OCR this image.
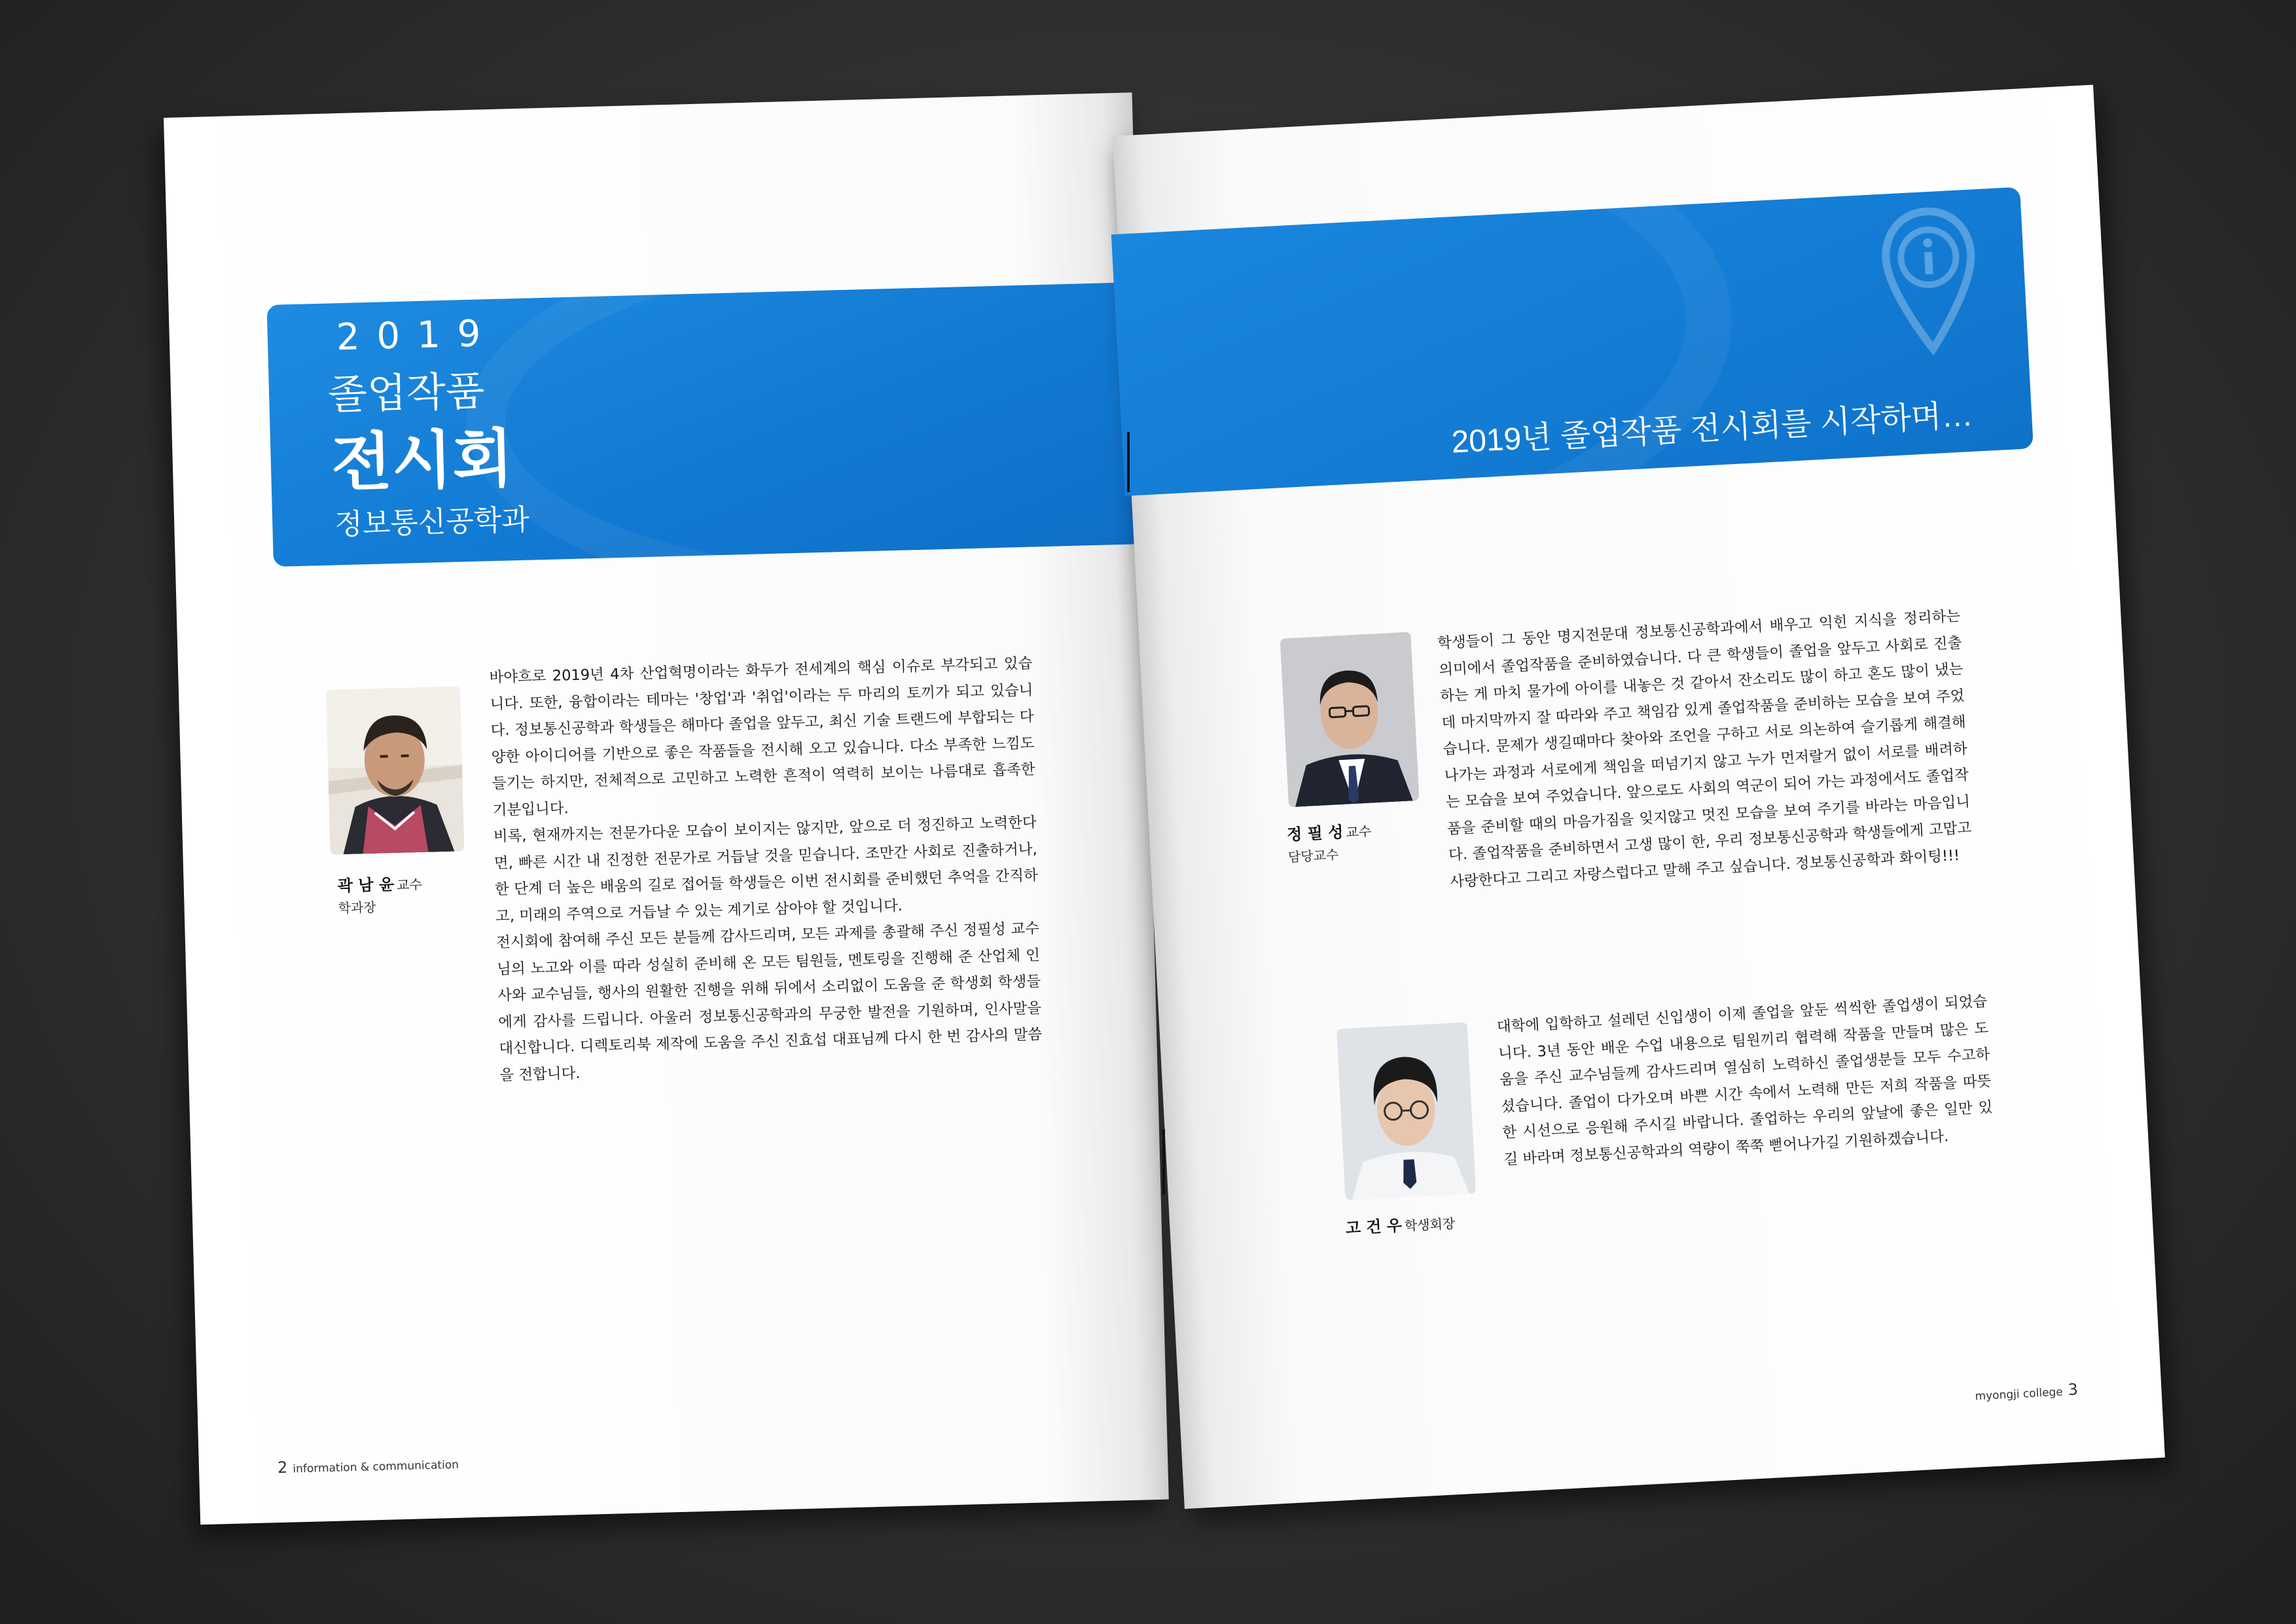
2019
졸업작품
전시회
정보통신공학과
곽 남 윤 교수
학과장

바야흐로 2019년 4차 산업혁명이라는 화두가 전세계의 핵심 이슈로 부각되고 있습니다. 또한, 융합이라는 테마는 '창업'과 '취업'이라는 두 마리의 토끼가 되고 있습니다. 정보통신공학과 학생들은 해마다 졸업을 앞두고, 최신 기술 트랜드에 부합되는 다양한 아이디어를 기반으로 좋은 작품들을 전시해 오고 있습니다. 다소 부족한 느낌도 들기는 하지만, 전체적으로 고민하고 노력한 흔적이 역력히 보이는 나름대로 흡족한 기분입니다.

비록, 현재까지는 전문가다운 모습이 보이지는 않지만, 앞으로 더 정진하고 노력한다면, 빠른 시간 내 진정한 전문가로 거듭날 것을 믿습니다. 조만간 사회로 진출하거나, 한 단계 더 높은 배움의 길로 접어들 학생들은 이번 전시회를 준비했던 추억을 간직하고, 미래의 주역으로 거듭날 수 있는 계기로 삼아야 할 것입니다.

전시회에 참여해 주신 모든 분들께 감사드리며, 모든 과제를 총괄해 주신 정필성 교수님의 노고와 이를 따라 성실히 준비해 온 모든 팀원들, 멘토링을 진행해 준 산업체 인사와 교수님들, 행사의 원활한 진행을 위해 뒤에서 소리없이 도움을 준 학생회 학생들에게 감사를 드립니다. 아울러 정보통신공학과의 무궁한 발전을 기원하며, 인사말을 대신합니다. 디렉토리북 제작에 도움을 주신 진효섭 대표님께 다시 한 번 감사의 말씀을 전합니다.

2 information & communication
2019년 졸업작품 전시회를 시작하며…
정 필 성 교수
담당교수

학생들이 그 동안 명지전문대 정보통신공학과에서 배우고 익힌 지식을 정리하는 의미에서 졸업작품을 준비하였습니다. 다 큰 학생들이 졸업을 앞두고 사회로 진출하는 게 마치 물가에 아이를 내놓은 것 같아서 잔소리도 많이 하고 혼도 많이 냈는데 마지막까지 잘 따라와 주고 책임감 있게 졸업작품을 준비하는 모습을 보여 주었습니다. 문제가 생길때마다 찾아와 조언을 구하고 서로 의논하여 슬기롭게 해결해 나가는 과정과 서로에게 책임을 떠넘기지 않고 누가 먼저랄거 없이 서로를 배려하는 모습을 보여 주었습니다. 앞으로도 사회의 역군이 되어 가는 과정에서도 졸업작품을 준비할 때의 마음가짐을 잊지않고 멋진 모습을 보여 주기를 바라는 마음입니다. 졸업작품을 준비하면서 고생 많이 한, 우리 정보통신공학과 학생들에게 고맙고 사랑한다고 그리고 자랑스럽다고 말해 주고 싶습니다. 정보통신공학과 화이팅!!!

고 건 우 학생회장

대학에 입학하고 설레던 신입생이 이제 졸업을 앞둔 씩씩한 졸업생이 되었습니다. 3년 동안 배운 수업 내용으로 팀원끼리 협력해 작품을 만들며 많은 도움을 주신 교수님들께 감사드리며 열심히 노력하신 졸업생분들 모두 수고하셨습니다. 졸업이 다가오며 바쁜 시간 속에서 노력해 만든 저희 작품을 따뜻한 시선으로 응원해 주시길 바랍니다. 졸업하는 우리의 앞날에 좋은 일만 있길 바라며 정보통신공학과의 역량이 쭉쭉 뻗어나가길 기원하겠습니다.

myongji college 3
